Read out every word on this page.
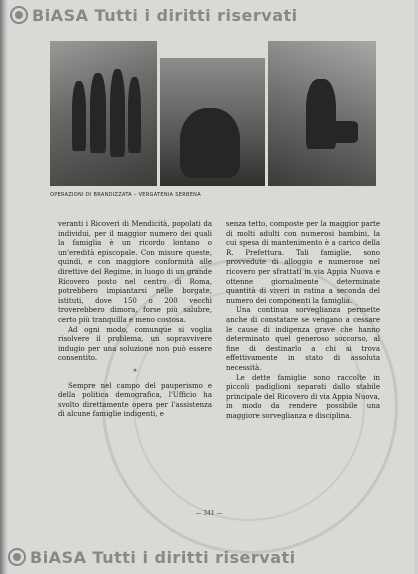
BiASA Tutti i diritti riservati
OPERAZIONI DI BRANDIZZATA – VERGATENIA SERBENA

veranti i Ricoveri di Mendicità, popolati da individui, per il maggior numero dei quali la famiglia è un ricordo lontano o un'eredità episcopale. Con misure queste, quindi, e con maggiore conformità alle direttive del Regime, in luogo di un grande Ricovero posto nel centro di Roma, potrebbero impiantarsi nelle borgate, istituti, dove 150 o 200 vecchi troverebbero dimora, forse più salubre, certo più tranquilla e meno costosa.

Ad ogni modo, comunque si voglia risolvere il problema, un sopravvivere indugio per una soluzione non può essere consentito.

*

Sempre nel campo del pauperismo e della politica demografica, l'Ufficio ha svolto direttamente opera per l'assistenza di alcune famiglie indigenti, e

senza tetto, composte per la maggior parte di molti adulti con numerosi bambini, la cui spesa di mantenimento è a carico della R. Prefettura. Tali famiglie, sono provvedute di alloggio e numerose nel ricovero per sfrattati in via Appia Nuova e ottenne giornalmente determinate quantità di viveri in ratina a seconda del numero dei componenti la famiglia.

Una continua sorveglianza permette anche di constatare se vengano a cessare le cause di indigenza grave che hanno determinato quel generoso soccorso, al fine di destinarlo a chi si trova effettivamente in stato di assoluta necessità.

Le dette famiglie sono raccolte in piccoli padiglioni separati dallo stabile principale del Ricovero di via Appia Nuova, in modo da rendere possibile una maggiore sorveglianza e disciplina.

— 341 —
BiASA Tutti i diritti riservati
